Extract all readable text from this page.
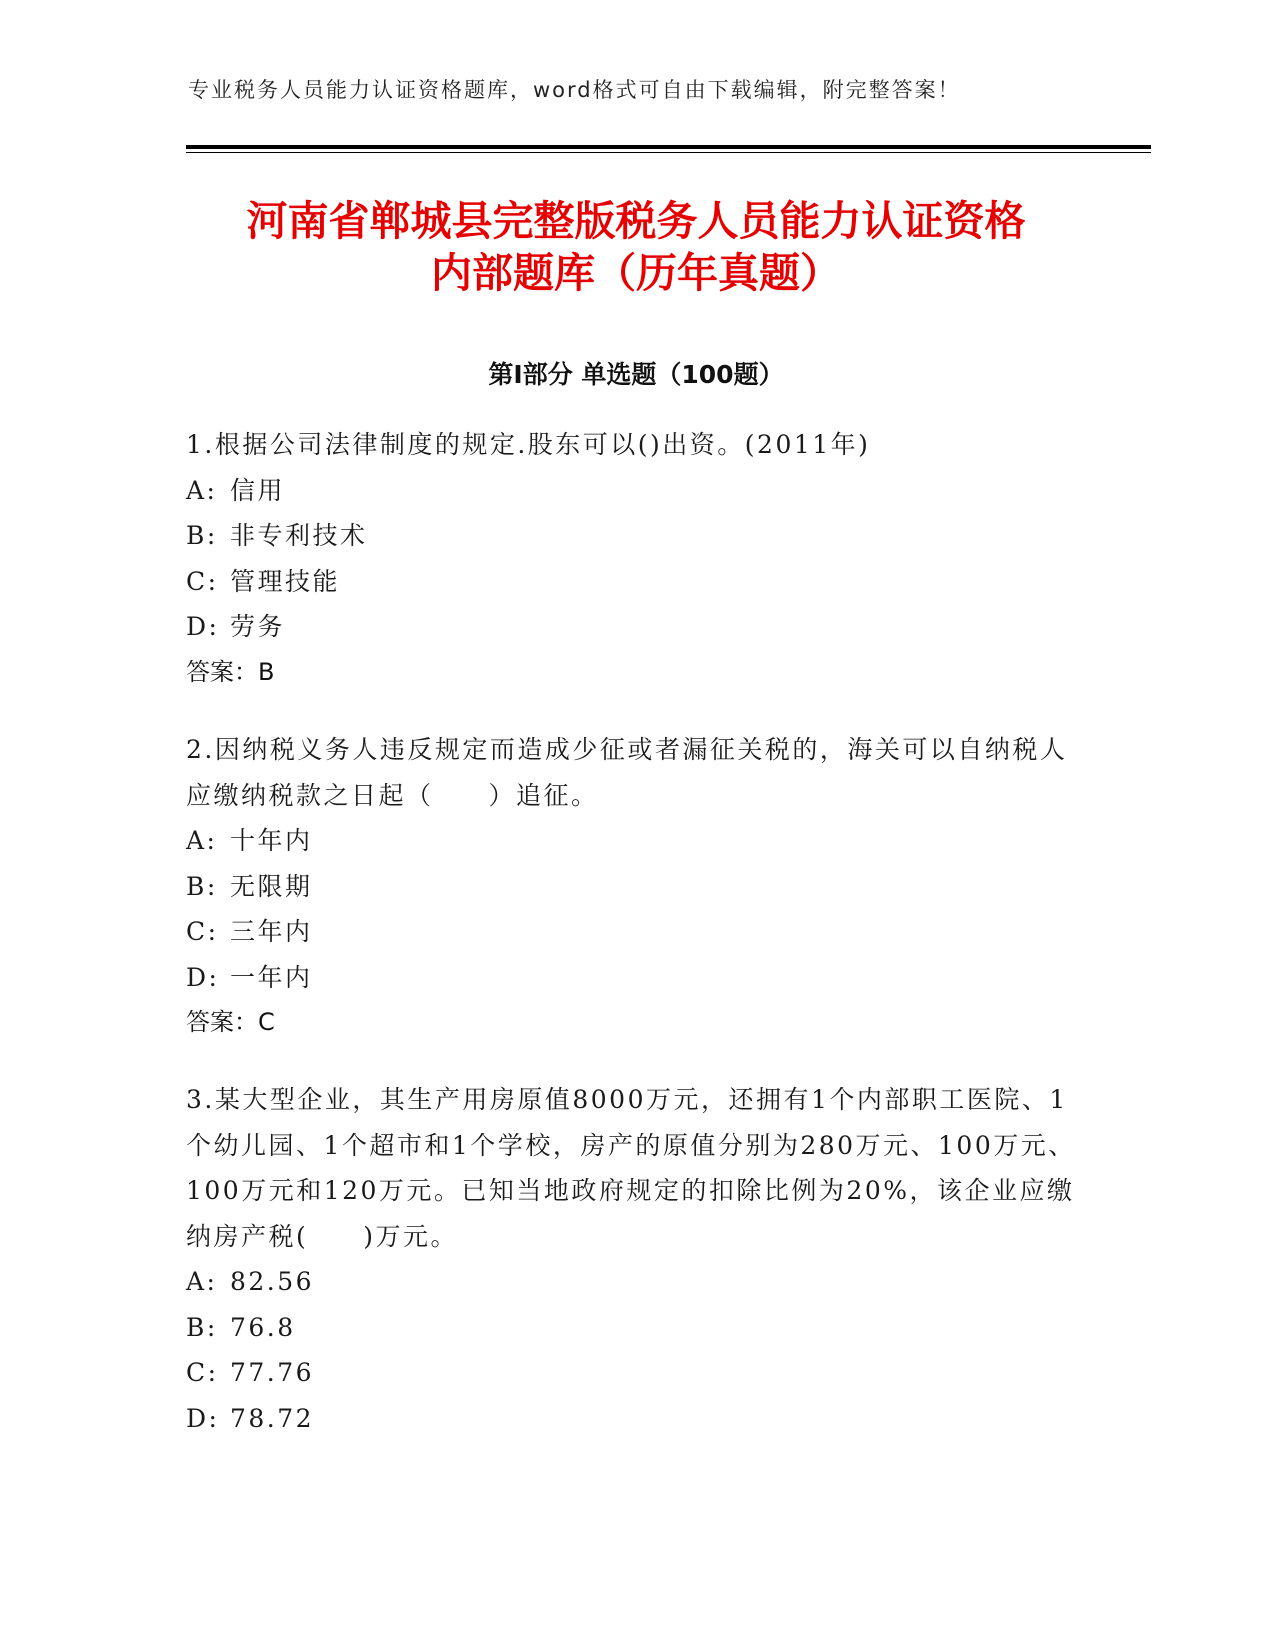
专业税务人员能力认证资格题库，word格式可自由下载编辑，附完整答案！
河南省郸城县完整版税务人员能力认证资格
内部题库（历年真题）
第Ⅰ部分 单选题（100题）

1.根据公司法律制度的规定.股东可以()出资。(2011年)

A: 信用

B: 非专利技术

C: 管理技能

D: 劳务

答案：B

2.因纳税义务人违反规定而造成少征或者漏征关税的，海关可以自纳税人应缴纳税款之日起（　　）追征。

A: 十年内

B: 无限期

C: 三年内

D: 一年内

答案：C

3.某大型企业，其生产用房原值8000万元，还拥有1个内部职工医院、1个幼儿园、1个超市和1个学校，房产的原值分别为280万元、100万元、100万元和120万元。已知当地政府规定的扣除比例为20%，该企业应缴纳房产税(　　)万元。

A: 82.56

B: 76.8

C: 77.76

D: 78.72
